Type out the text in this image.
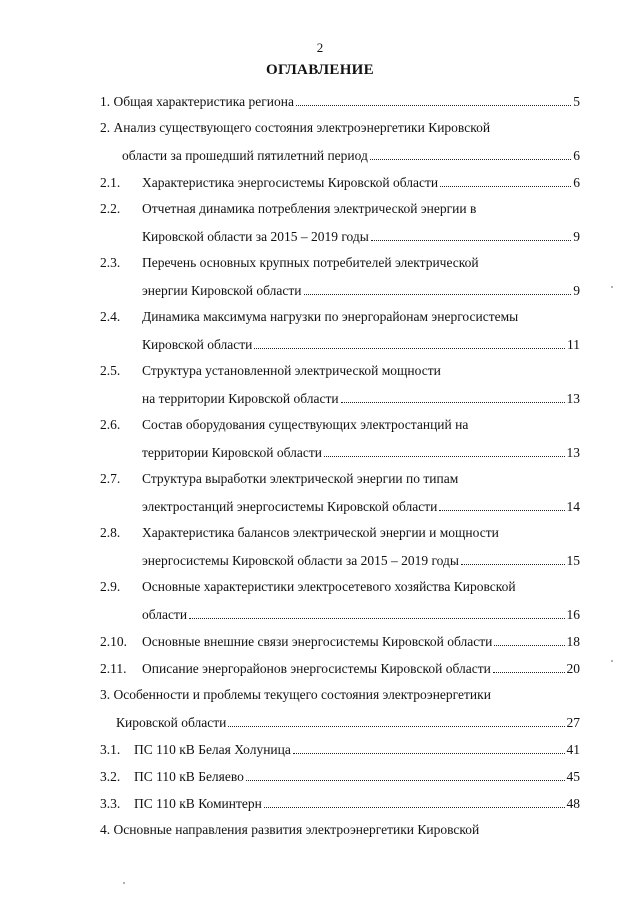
2
ОГЛАВЛЕНИЕ
1. Общая характеристика региона	5
2. Анализ существующего состояния электроэнергетики Кировской
области за прошедший пятилетний период	6
2.1.	Характеристика энергосистемы Кировской области	6
2.2.	Отчетная динамика потребления электрической энергии в
Кировской области за 2015 – 2019 годы	9
2.3.	Перечень основных крупных потребителей электрической
энергии Кировской области	9
2.4.	Динамика максимума нагрузки по энергорайонам энергосистемы
Кировской области	11
2.5.	Структура установленной электрической мощности
на территории Кировской области	13
2.6.	Состав оборудования существующих электростанций на
территории Кировской области	13
2.7.	Структура выработки электрической энергии по типам
электростанций энергосистемы Кировской области	14
2.8.	Характеристика балансов электрической энергии и мощности
энергосистемы Кировской области за 2015 – 2019 годы	15
2.9.	Основные характеристики электросетевого хозяйства Кировской
области	16
2.10.	Основные внешние связи энергосистемы Кировской области	18
2.11.	Описание энергорайонов энергосистемы Кировской области	20
3. Особенности и проблемы текущего состояния электроэнергетики
Кировской области	27
3.1.	ПС 110 кВ Белая Холуница	41
3.2.	ПС 110 кВ Беляево	45
3.3.	ПС 110 кВ Коминтерн	48
4. Основные направления развития электроэнергетики Кировской
